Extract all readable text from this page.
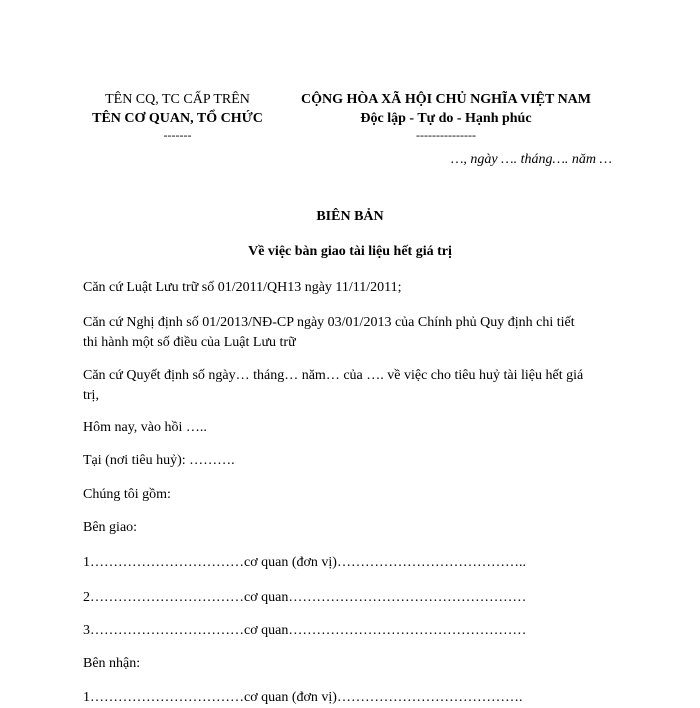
TÊN CQ, TC CẤP TRÊN
TÊN CƠ QUAN, TỔ CHỨC
-------
CỘNG HÒA XÃ HỘI CHỦ NGHĨA VIỆT NAM
Độc lập - Tự do - Hạnh phúc
---------------
…, ngày …. tháng…. năm …
BIÊN BẢN
Về việc bàn giao tài liệu hết giá trị
Căn cứ Luật Lưu trữ số 01/2011/QH13 ngày 11/11/2011;
Căn cứ Nghị định số 01/2013/NĐ-CP ngày 03/01/2013 của Chính phủ Quy định chi tiết
thi hành một số điều của Luật Lưu trữ
Căn cứ Quyết định số ngày… tháng… năm… của …. về việc cho tiêu huỷ tài liệu hết giá
trị,
Hôm nay, vào hồi …..
Tại (nơi tiêu huỷ): ……….
Chúng tôi gồm:
Bên giao:
1……………………………cơ quan (đơn vị)…………………………………..
2……………………………cơ quan……………………………………………
3……………………………cơ quan……………………………………………
Bên nhận:
1……………………………cơ quan (đơn vị)………………………………….
